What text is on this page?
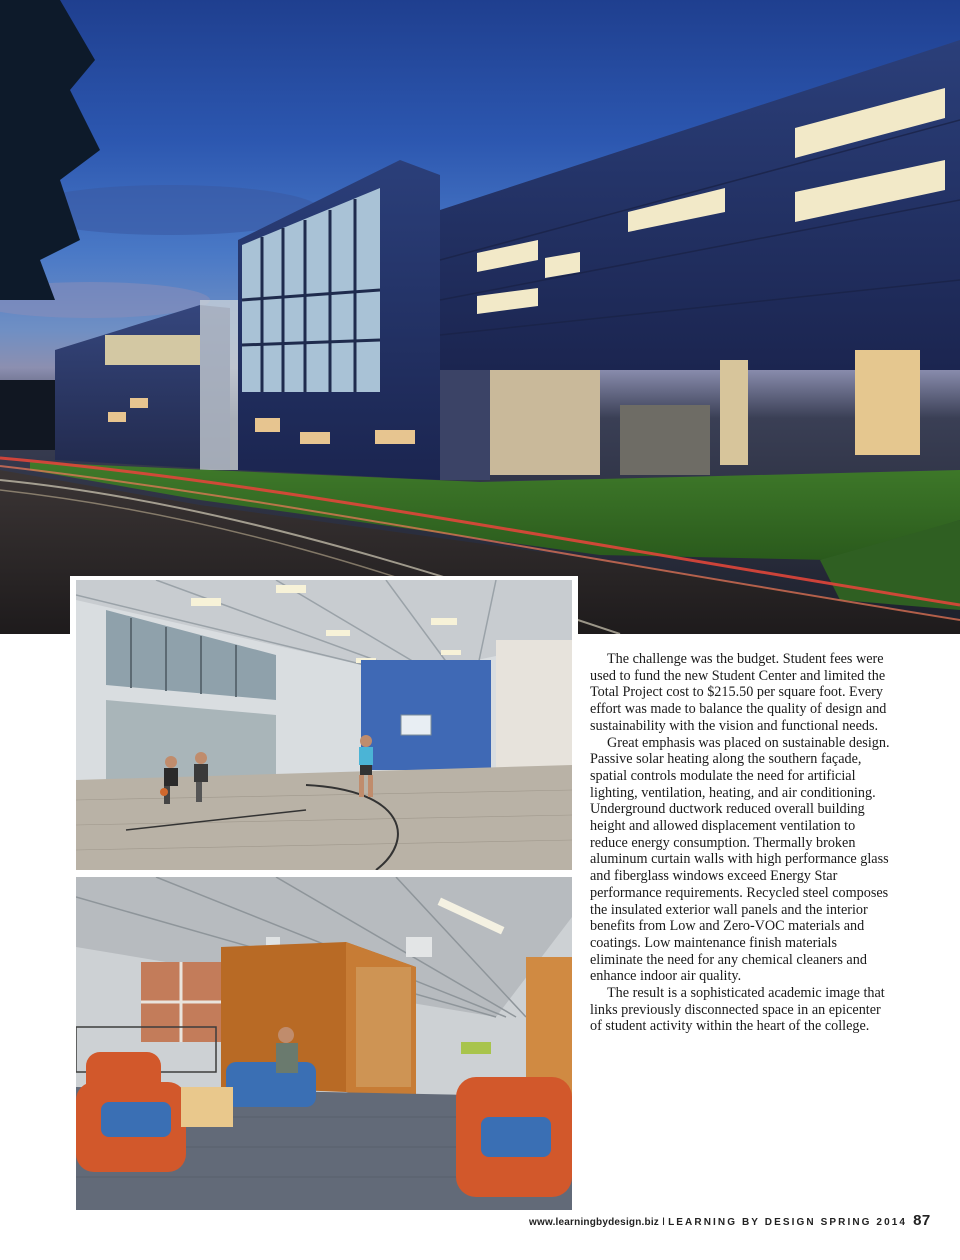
The challenge was the budget. Student fees were used to fund the new Student Center and limited the Total Project cost to $215.50 per square foot. Every effort was made to balance the quality of design and sustainability with the vision and functional needs.

Great emphasis was placed on sustainable design. Passive solar heating along the southern façade, spatial controls modulate the need for artificial lighting, ventilation, heating, and air conditioning. Underground ductwork reduced overall building height and allowed displacement ventilation to reduce energy consumption. Thermally broken aluminum curtain walls with high performance glass and fiberglass windows exceed Energy Star performance requirements. Recycled steel composes the insulated exterior wall panels and the interior benefits from Low and Zero-VOC materials and coatings. Low maintenance finish materials eliminate the need for any chemical cleaners and enhance indoor air quality.

The result is a sophisticated academic image that links previously disconnected space in an epicenter of student activity within the heart of the college.

www.learningbydesign.biz I LEARNING BY DESIGN SPRING 2014 87
